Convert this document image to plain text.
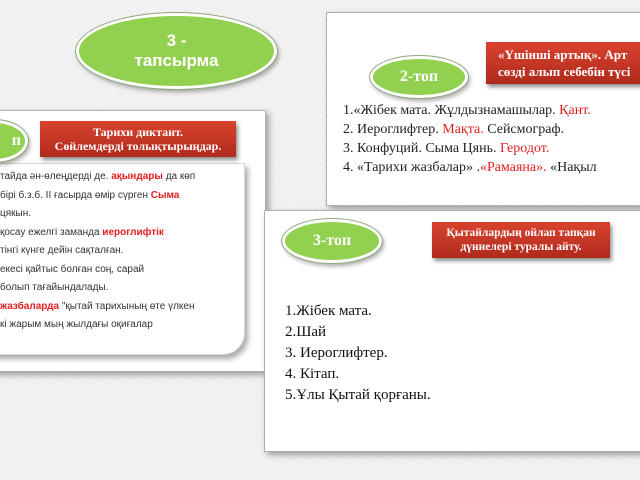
1.«Жібек мата. Жұлдызнамашылар. Қант.
2. Иероглифтер. Мақта. Сейсмограф.
3. Конфуций. Сыма Цянь. Геродот.
4. «Тарихи жазбалар» .«Рамаяна». «Нақыл
тайда ән-өлеңдерді де. ақындары да көп
бірі б.з.б. II ғасырда өмір сүрген Сыма
цякын.
қосау ежелгі заманда иероглифтік
тінгі күнге дейін сақталған.
екесі қайтыс болған соң, сарай
болып тағайындалады.
жазбаларда "қытай тарихының өте үлкен
кі жарым мың жылдағы оқиғалар
1.Жібек мата.
2.Шай
3. Иероглифтер.
4. Кітап.
5.Ұлы Қытай қорғаны.
3 -
тапсырма
п	Тарихи диктант.
Сөйлемдерді толықтырыңдар.
2-топ
«Үшінші артық». Арт
сөзді алып себебін түсі
3-топ	Қытайлардың ойлап тапқан
дүниелері туралы айту.
